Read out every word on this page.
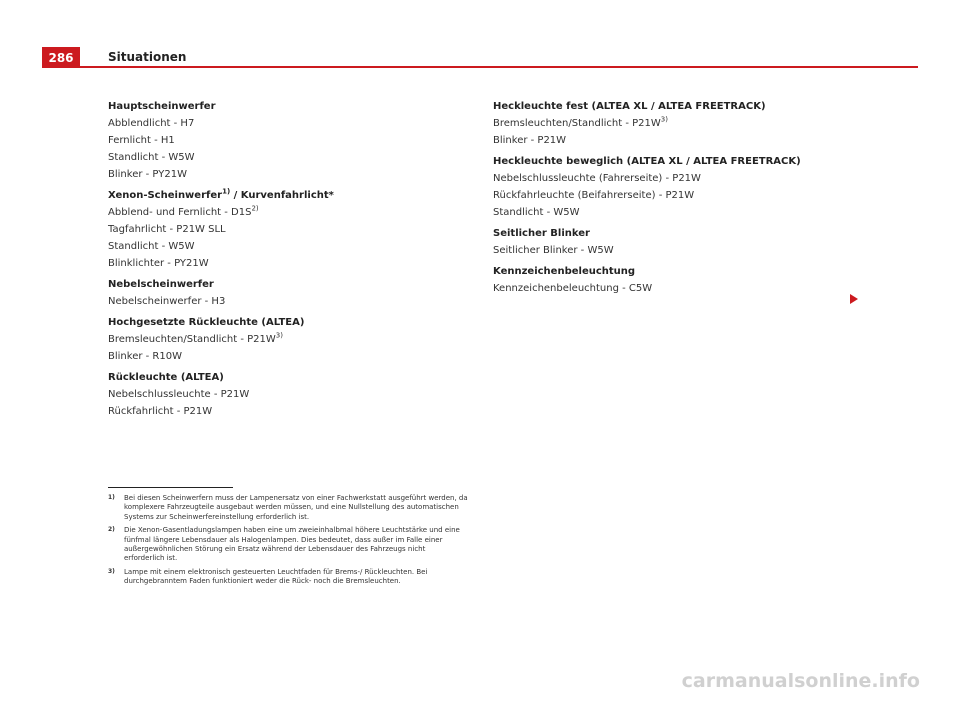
286	Situationen
Hauptscheinwerfer
Abblendlicht - H7
Fernlicht - H1
Standlicht - W5W
Blinker - PY21W
Xenon-Scheinwerfer$^{1)}$ / Kurvenfahrlicht*
Abblend- und Fernlicht - $D1S^{2)}$
Tagfahrlicht - P21W SLL
Standlicht - W5W
Blinklichter - PY21W
Nebelscheinwerfer
Nebelscheinwerfer - H3
Hochgesetzte Rückleuchte (ALTEA)
Bremsleuchten/Standlicht - $P21W^{3)}$
Blinker - R10W
Rückleuchte (ALTEA)
Nebelschlussleuchte - P21W
Rückfahrlicht - P21W
Heckleuchte fest (ALTEA XL / ALTEA FREETRACK)
Bremsleuchten/Standlicht - $P21W^{3)}$
Blinker - P21W
Heckleuchte beweglich (ALTEA XL / ALTEA FREETRACK)
Nebelschlussleuchte (Fahrerseite) - P21W
Rückfahrleuchte (Beifahrerseite) - P21W
Standlicht - W5W
Seitlicher Blinker
Seitlicher Blinker - W5W
Kennzeichenbeleuchtung
Kennzeichenbeleuchtung - C5W
1)	Bei diesen Scheinwerfern muss der Lampenersatz von einer Fachwerkstatt ausgeführt werden, da komplexere Fahrzeugteile ausgebaut werden müssen, und eine Nullstellung des automatischen Systems zur Scheinwerfereinstellung erforderlich ist.
2)	Die Xenon-Gasentladungslampen haben eine um zweieinhalbmal höhere Leuchtstärke und eine fünfmal längere Lebensdauer als Halogenlampen. Dies bedeutet, dass außer im Falle einer außergewöhnlichen Störung ein Ersatz während der Lebensdauer des Fahrzeugs nicht erforderlich ist.
3)	Lampe mit einem elektronisch gesteuerten Leuchtfaden für Brems-/ Rückleuchten. Bei durchgebranntem Faden funktioniert weder die Rück- noch die Bremsleuchten.
carmanualsonline.info
